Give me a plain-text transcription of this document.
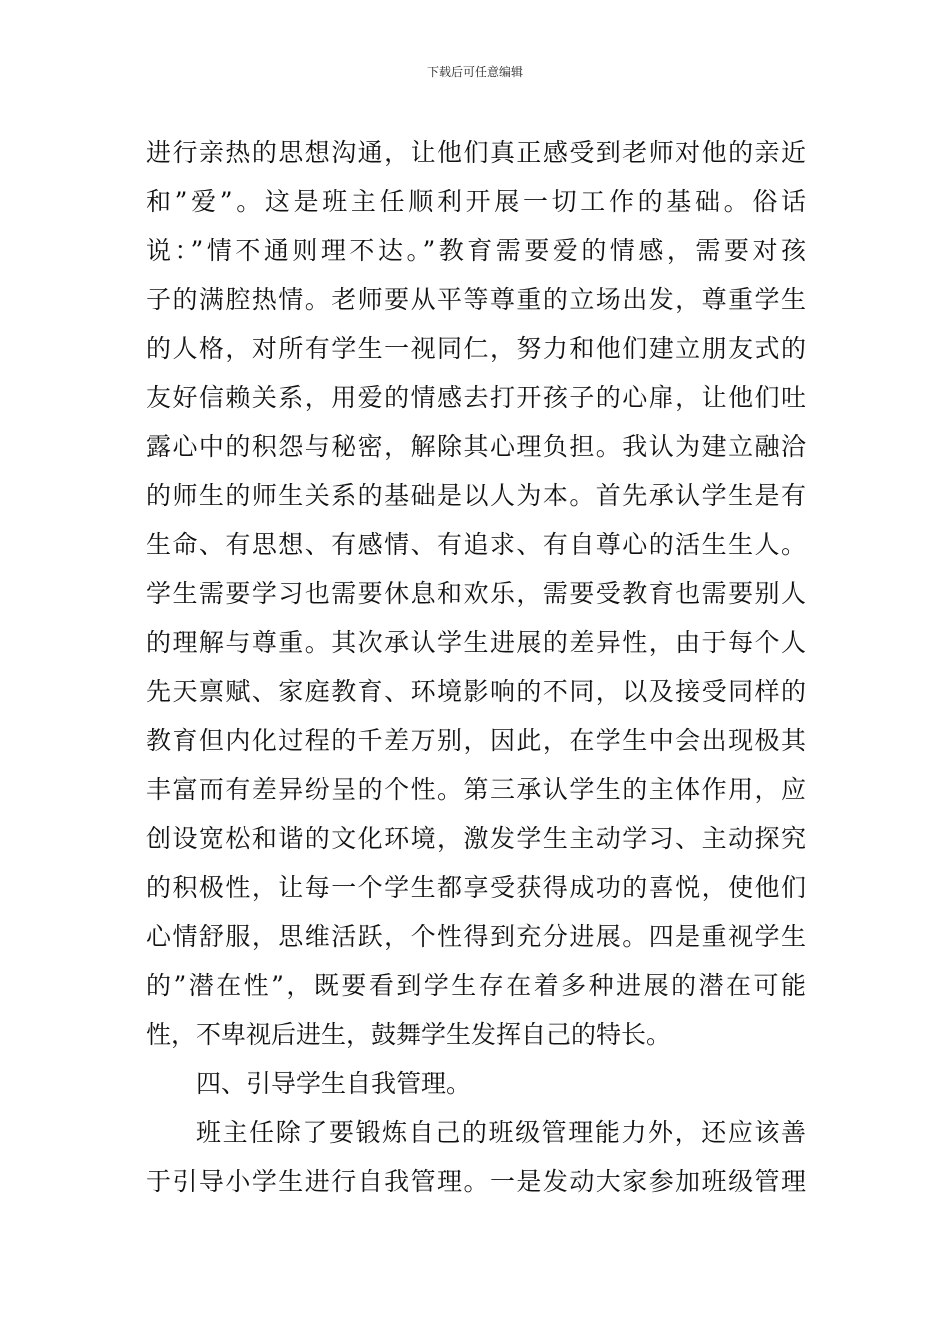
下载后可任意编辑
进行亲热的思想沟通，让他们真正感受到老师对他的亲近
和”爱”。这是班主任顺利开展一切工作的基础。俗话
说：”情不通则理不达。”教育需要爱的情感，需要对孩
子的满腔热情。老师要从平等尊重的立场出发，尊重学生
的人格，对所有学生一视同仁，努力和他们建立朋友式的
友好信赖关系，用爱的情感去打开孩子的心扉，让他们吐
露心中的积怨与秘密，解除其心理负担。我认为建立融洽
的师生的师生关系的基础是以人为本。首先承认学生是有
生命、有思想、有感情、有追求、有自尊心的活生生人。
学生需要学习也需要休息和欢乐，需要受教育也需要别人
的理解与尊重。其次承认学生进展的差异性，由于每个人
先天禀赋、家庭教育、环境影响的不同，以及接受同样的
教育但内化过程的千差万别，因此，在学生中会出现极其
丰富而有差异纷呈的个性。第三承认学生的主体作用，应
创设宽松和谐的文化环境，激发学生主动学习、主动探究
的积极性，让每一个学生都享受获得成功的喜悦，使他们
心情舒服，思维活跃，个性得到充分进展。四是重视学生
的”潜在性”，既要看到学生存在着多种进展的潜在可能
性，不卑视后进生，鼓舞学生发挥自己的特长。
四、引导学生自我管理。
班主任除了要锻炼自己的班级管理能力外，还应该善
于引导小学生进行自我管理。一是发动大家参加班级管理
